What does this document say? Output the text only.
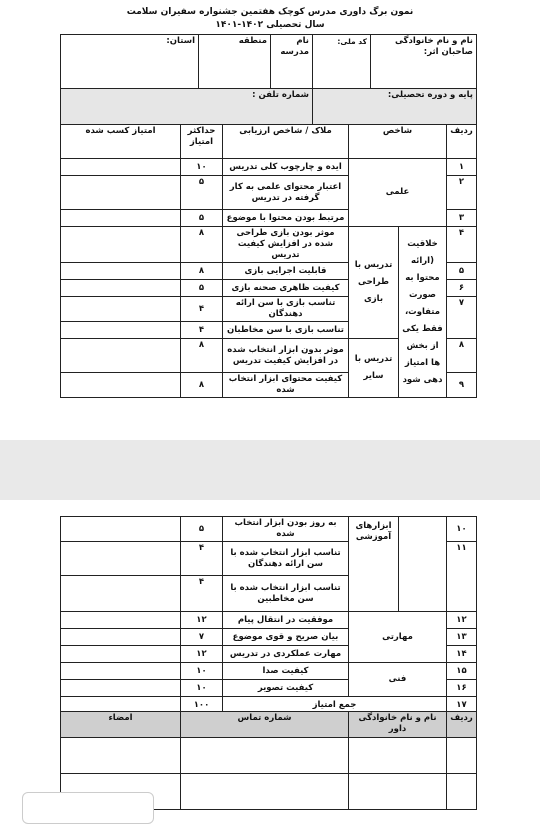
نمون برگ داوری مدرس کوچک هفتمین جشنواره سفیران سلامت
سال تحصیلی ۱۴۰۲-۱۴۰۱
نام و نام خانوادگی صاحبان اثر:	کد ملی:	نام مدرسه	منطقه	استان:
پایه و دوره تحصیلی:		شماره تلفن :		
ردیف	شاخص		ملاک / شاخص ارزیابی	حداکثر امتیاز	امتیاز کسب شده
۱	علمی		ایده و چارچوب کلی تدریس	۱۰	
۲			اعتبار محتوای علمی به کار گرفته در تدریس	۵	
۳			مرتبط بودن محتوا با موضوع	۵	
۴	خلاقیت (ارائه محتوا به صورت متفاوت، فقط یکی از بخش ها امتیاز دهی شود	تدریس با طراحی بازی	موثر بودن بازی طراحی شده در افزایش کیفیت تدریس	۸	
۵			قابلیت اجرایی بازی	۸	
۶			کیفیت ظاهری صحنه بازی	۵	
۷			تناسب بازی با سن ارائه دهندگان	۴	
			تناسب بازی با سن مخاطبان	۴	
۸		تدریس با سایر	موثر بدون ابزار انتخاب شده در افزایش کیفیت تدریس	۸	
۹			کیفیت محتوای ابزار انتخاب شده	۸	
۱۰		ابزارهای آموزشی	به روز بودن ابزار انتخاب شده	۵	
۱۱			تناسب ابزار انتخاب شده با سن ارائه دهندگان	۴	
			تناسب ابزار انتخاب شده با سن مخاطبین	۴	
۱۲	مهارتی		موفقیت در انتقال پیام	۱۲	
۱۳			بیان صریح و قوی موضوع	۷	
۱۴			مهارت عملکردی در تدریس	۱۲	
۱۵	فنی		کیفیت صدا	۱۰	
۱۶			کیفیت تصویر	۱۰	
۱۷	جمع امتیاز			۱۰۰	
ردیف	نام و نام خانوادگی داور	شماره تماس	امضاء
